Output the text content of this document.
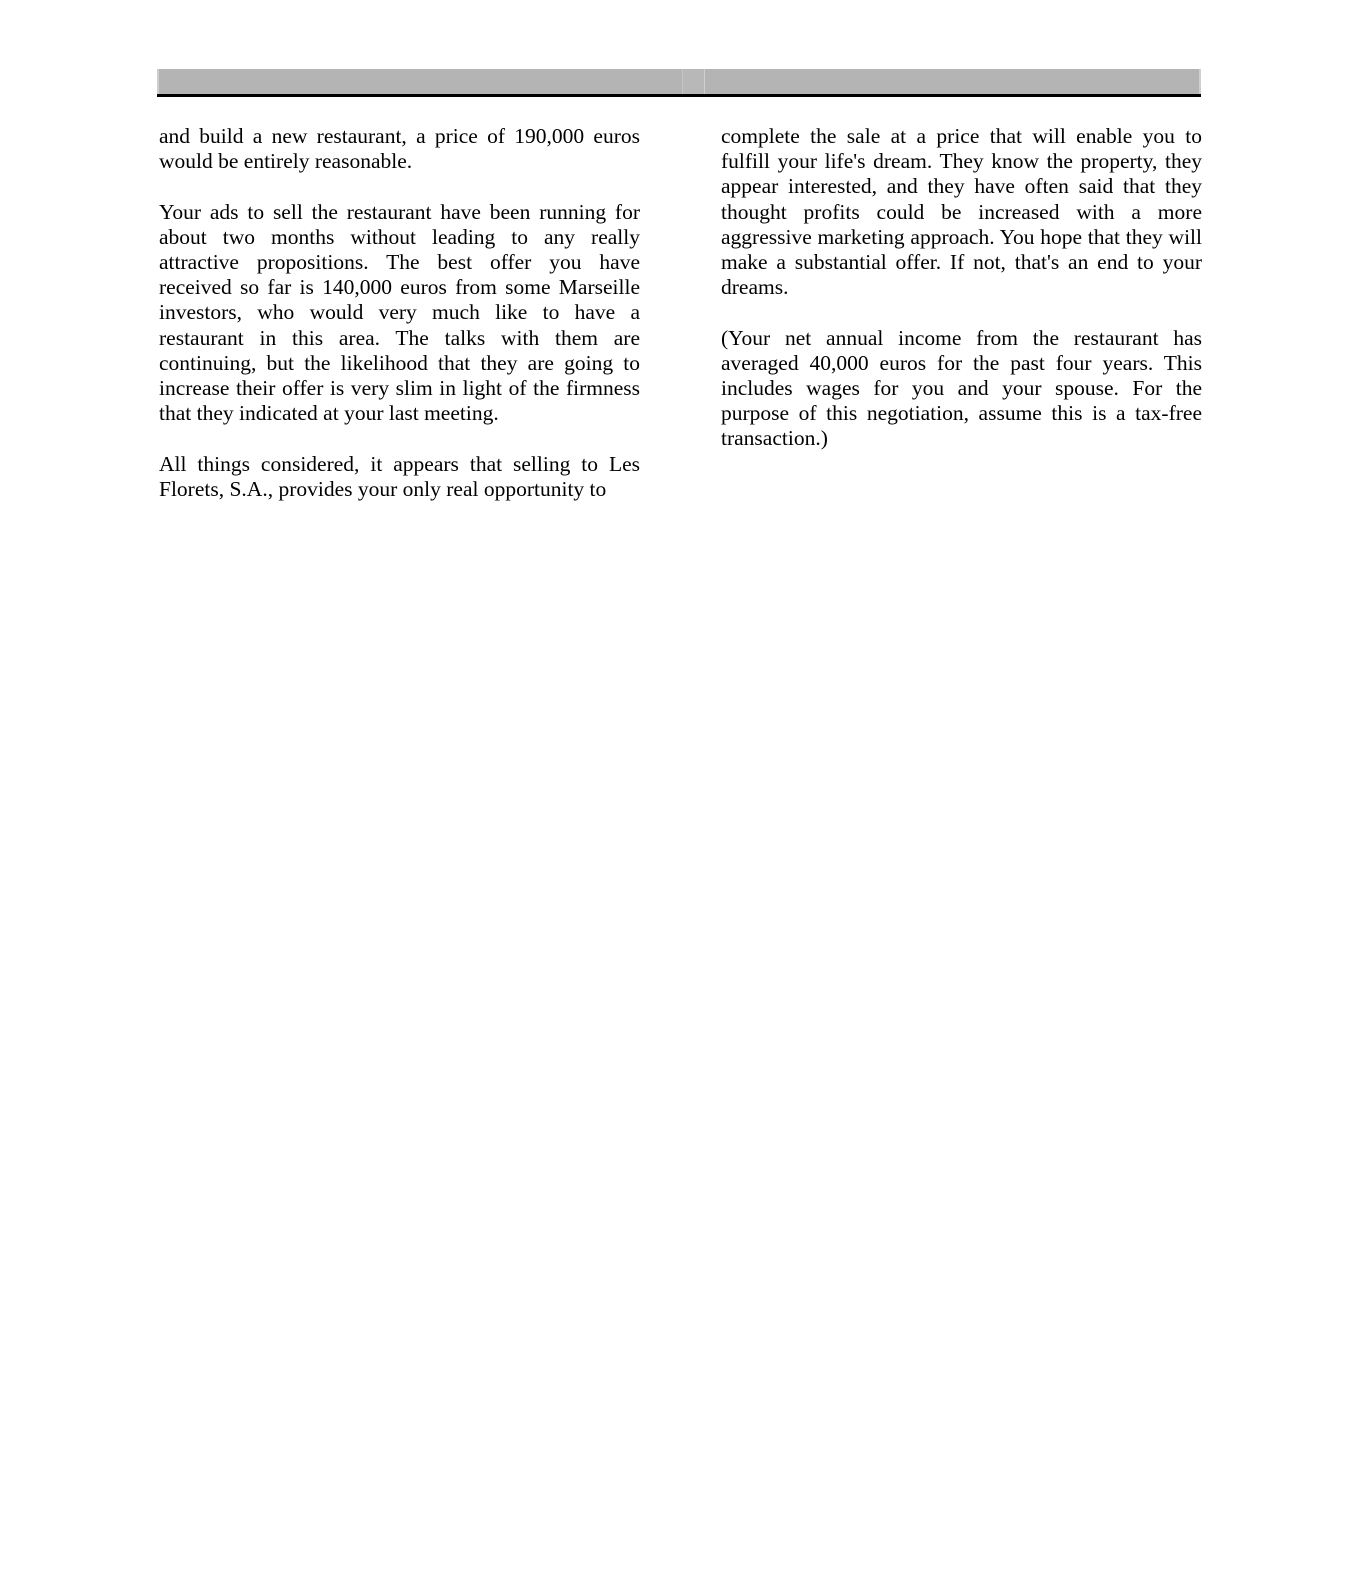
and build a new restaurant, a price of 190,000 euros would be entirely reasonable.

Your ads to sell the restaurant have been running for about two months without leading to any really attractive propositions. The best offer you have received so far is 140,000 euros from some Marseille investors, who would very much like to have a restaurant in this area. The talks with them are continuing, but the likelihood that they are going to increase their offer is very slim in light of the firmness that they indicated at your last meeting.

All things considered, it appears that selling to Les Florets, S.A., provides your only real opportunity to

complete the sale at a price that will enable you to fulfill your life's dream. They know the property, they appear interested, and they have often said that they thought profits could be increased with a more aggressive marketing approach. You hope that they will make a substantial offer. If not, that's an end to your dreams.

(Your net annual income from the restaurant has averaged 40,000 euros for the past four years. This includes wages for you and your spouse. For the purpose of this negotiation, assume this is a tax-free transaction.)
